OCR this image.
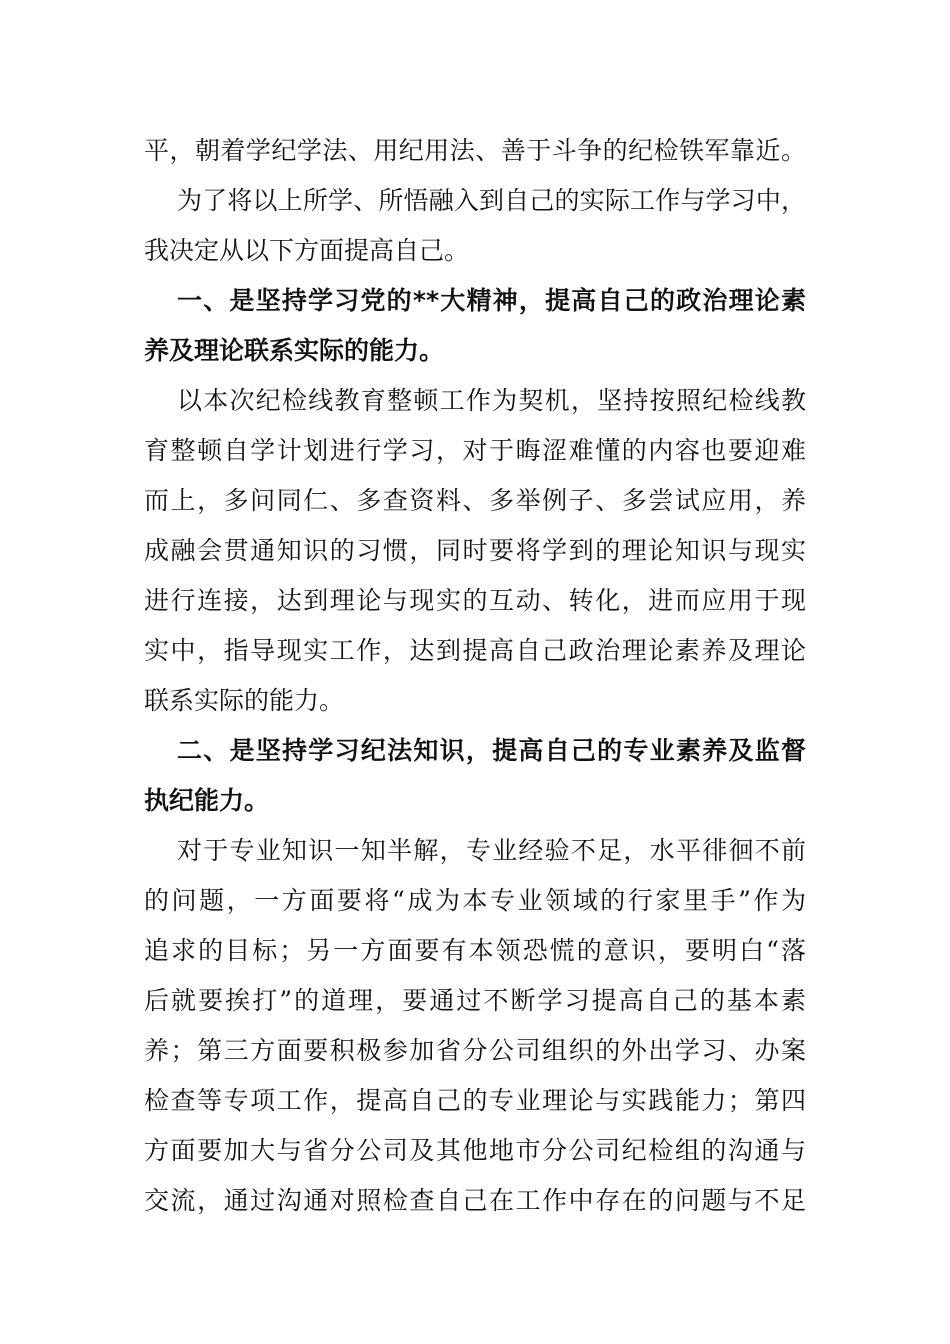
平，朝着学纪学法、用纪用法、善于斗争的纪检铁军靠近。
为了将以上所学、所悟融入到自己的实际工作与学习中，
我决定从以下方面提高自己。
一、是坚持学习党的**大精神，提高自己的政治理论素
养及理论联系实际的能力。
以本次纪检线教育整顿工作为契机，坚持按照纪检线教
育整顿自学计划进行学习，对于晦涩难懂的内容也要迎难
而上，多问同仁、多查资料、多举例子、多尝试应用，养
成融会贯通知识的习惯，同时要将学到的理论知识与现实
进行连接，达到理论与现实的互动、转化，进而应用于现
实中，指导现实工作，达到提高自己政治理论素养及理论
联系实际的能力。
二、是坚持学习纪法知识，提高自己的专业素养及监督
执纪能力。
对于专业知识一知半解，专业经验不足，水平徘徊不前
的问题，一方面要将“成为本专业领域的行家里手”作为
追求的目标；另一方面要有本领恐慌的意识，要明白“落
后就要挨打”的道理，要通过不断学习提高自己的基本素
养；第三方面要积极参加省分公司组织的外出学习、办案
检查等专项工作，提高自己的专业理论与实践能力；第四
方面要加大与省分公司及其他地市分公司纪检组的沟通与
交流，通过沟通对照检查自己在工作中存在的问题与不足
